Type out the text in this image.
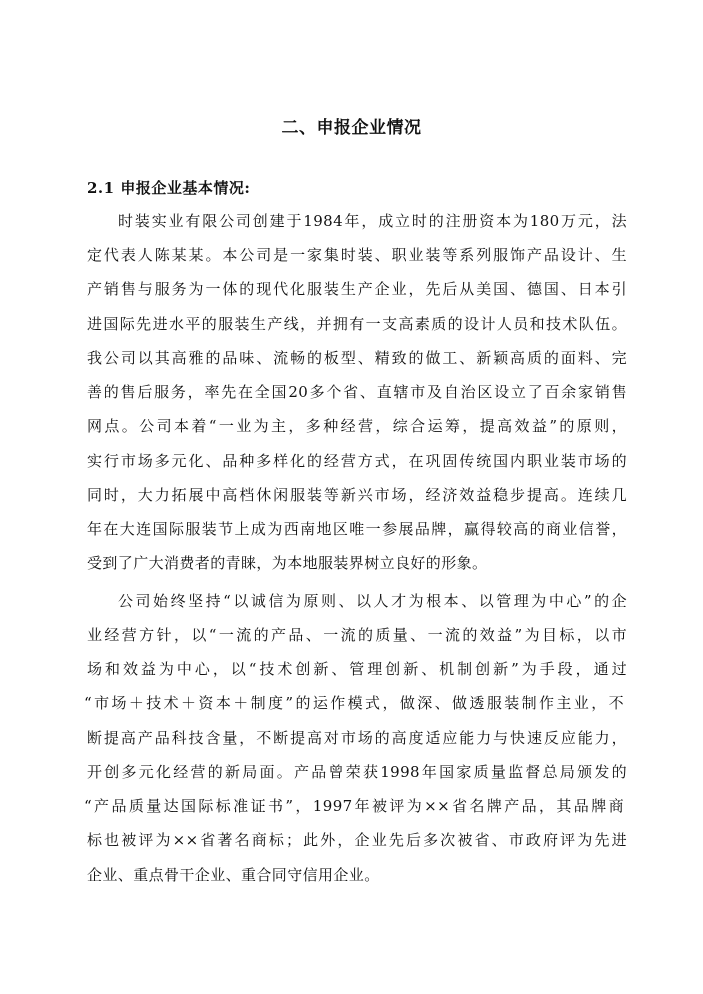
二、申报企业情况
2.1 申报企业基本情况:
时装实业有限公司创建于1984年，成立时的注册资本为180万元，法
定代表人陈某某。本公司是一家集时装、职业装等系列服饰产品设计、生
产销售与服务为一体的现代化服装生产企业，先后从美国、德国、日本引
进国际先进水平的服装生产线，并拥有一支高素质的设计人员和技术队伍。
我公司以其高雅的品味、流畅的板型、精致的做工、新颖高质的面料、完
善的售后服务，率先在全国20多个省、直辖市及自治区设立了百余家销售
网点。公司本着“一业为主，多种经营，综合运筹，提高效益”的原则，
实行市场多元化、品种多样化的经营方式，在巩固传统国内职业装市场的
同时，大力拓展中高档休闲服装等新兴市场，经济效益稳步提高。连续几
年在大连国际服装节上成为西南地区唯一参展品牌，赢得较高的商业信誉，
受到了广大消费者的青睐，为本地服装界树立良好的形象。
公司始终坚持“以诚信为原则、以人才为根本、以管理为中心”的企
业经营方针，以“一流的产品、一流的质量、一流的效益”为目标，以市
场和效益为中心，以“技术创新、管理创新、机制创新”为手段，通过
“市场＋技术＋资本＋制度”的运作模式，做深、做透服装制作主业，不
断提高产品科技含量，不断提高对市场的高度适应能力与快速反应能力，
开创多元化经营的新局面。产品曾荣获1998年国家质量监督总局颁发的
“产品质量达国际标准证书”，1997年被评为××省名牌产品，其品牌商
标也被评为××省著名商标；此外，企业先后多次被省、市政府评为先进
企业、重点骨干企业、重合同守信用企业。
